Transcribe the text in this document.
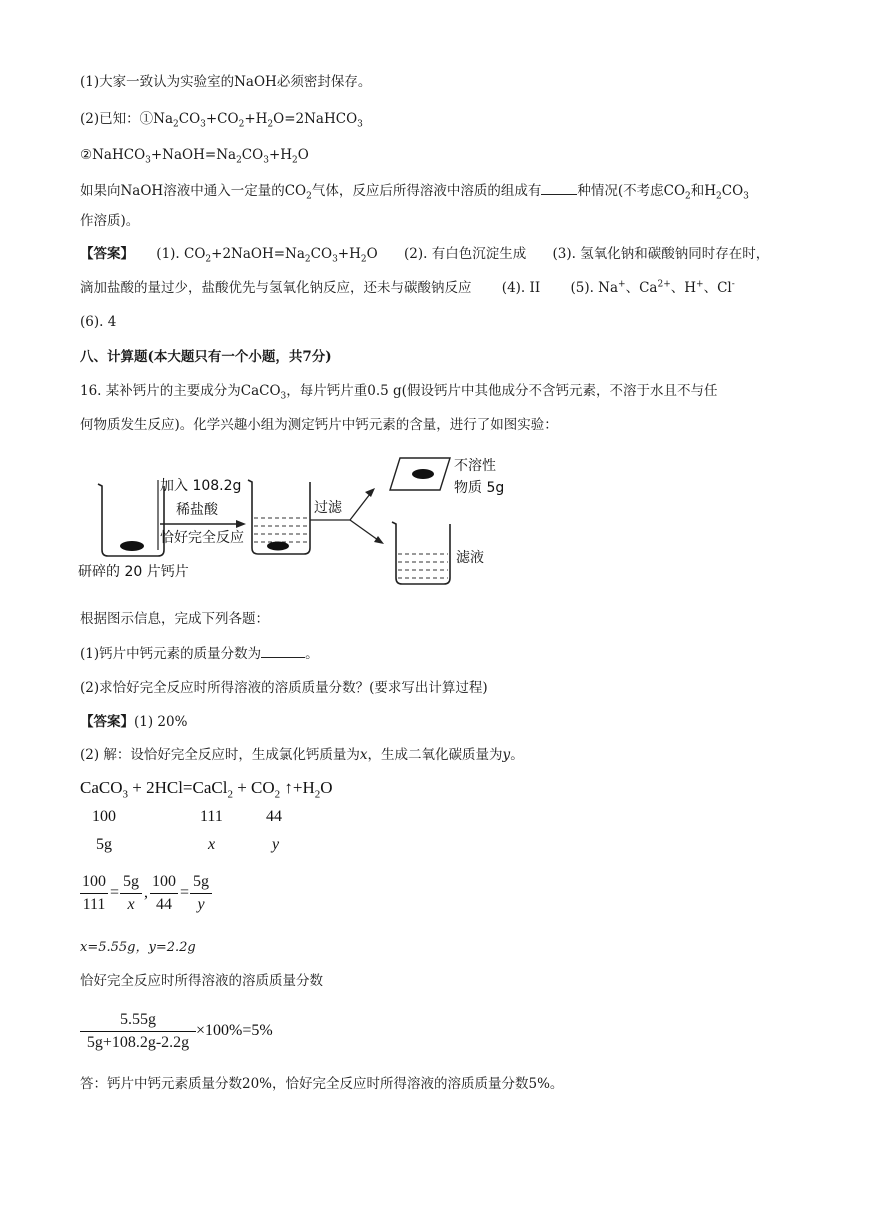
(1)大家一致认为实验室的NaOH必须密封保存。
(2)已知：$①Na_2CO_3+CO_2+H_2O=2NaHCO_3$
$②NaHCO_3+NaOH=Na_2CO_3+H_2O$
如果向NaOH溶液中通入一定量的$CO_2$气体，反应后所得溶液中溶质的组成有	种情况(不考虑$CO_2$和$H_2CO_3$
作溶质)。
【答案】 (1). $CO_2+2NaOH=Na_2CO_3+H_2O$ (2). 有白色沉淀生成 (3). 氢氧化钠和碳酸钠同时存在时，
滴加盐酸的量过少，盐酸优先与氢氧化钠反应，还未与碳酸钠反应 (4). II (5). Na+、$Ca^{2+}$、H+、Cl-
(6). 4
八、计算题(本大题只有一个小题，共7分)
16. 某补钙片的主要成分为CaCO$_3$，每片钙片重0.5 g(假设钙片中其他成分不含钙元素，不溶于水且不与任
何物质发生反应)。化学兴趣小组为测定钙片中钙元素的含量，进行了如图实验：
加入 108.2g
稀盐酸
恰好完全反应
研碎的 20 片钙片
过滤
不溶性
物质 5g
滤液
根据图示信息，完成下列各题：
(1)钙片中钙元素的质量分数为	。
(2)求恰好完全反应时所得溶液的溶质质量分数？(要求写出计算过程)
【答案】(1) 20%
(2) 解：设恰好完全反应时，生成氯化钙质量为x，生成二氧化碳质量为y。
CaCO$_3$ + 2HCl=CaCl$_2$ + $CO_2$ $↑+H_2O$
100	111	44
5g	x	y
100
111
=
5g
x
,
100
44
=
5g
y
x=5.55g，y=2.2g
恰好完全反应时所得溶液的溶质质量分数
5.55g
5g+108.2g-2.2g
×100%=5%
答：钙片中钙元素质量分数20%，恰好完全反应时所得溶液的溶质质量分数5%。
